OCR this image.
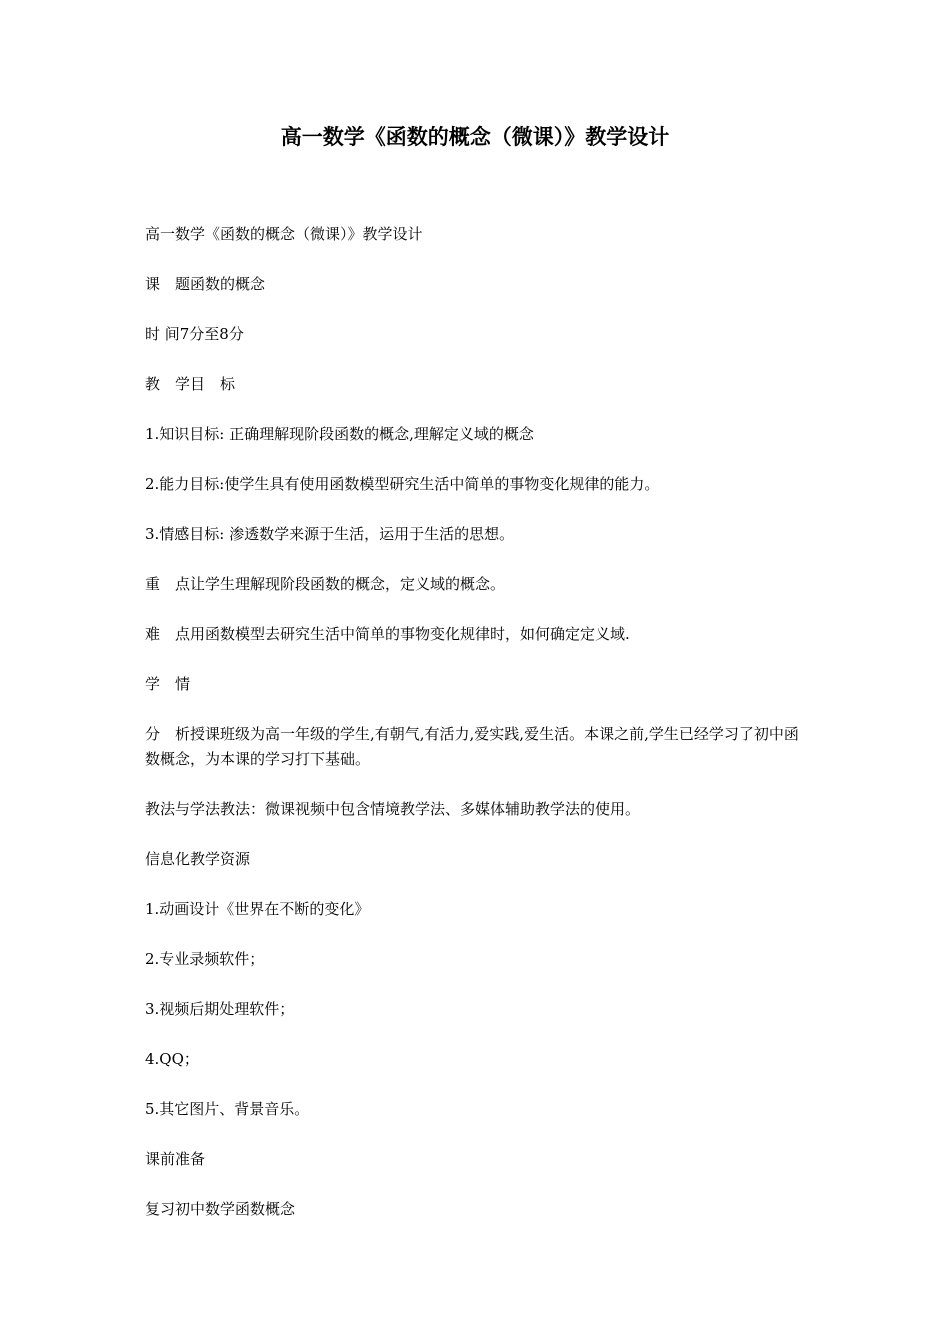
高一数学《函数的概念（微课）》教学设计

高一数学《函数的概念（微课）》教学设计

课　题函数的概念

时 间7分至8分

教　学目　标

1.知识目标: 正确理解现阶段函数的概念,理解定义域的概念

2.能力目标:使学生具有使用函数模型研究生活中简单的事物变化规律的能力。

3.情感目标: 渗透数学来源于生活，运用于生活的思想。

重　点让学生理解现阶段函数的概念，定义域的概念。

难　点用函数模型去研究生活中简单的事物变化规律时，如何确定定义域.

学　情

分　析授课班级为高一年级的学生,有朝气,有活力,爱实践,爱生活。本课之前,学生已经学习了初中函数概念，为本课的学习打下基础。

教法与学法教法：微课视频中包含情境教学法、多媒体辅助教学法的使用。

信息化教学资源

1.动画设计《世界在不断的变化》

2.专业录频软件；

3.视频后期处理软件；

4.QQ；

5.其它图片、背景音乐。

课前准备

复习初中数学函数概念
